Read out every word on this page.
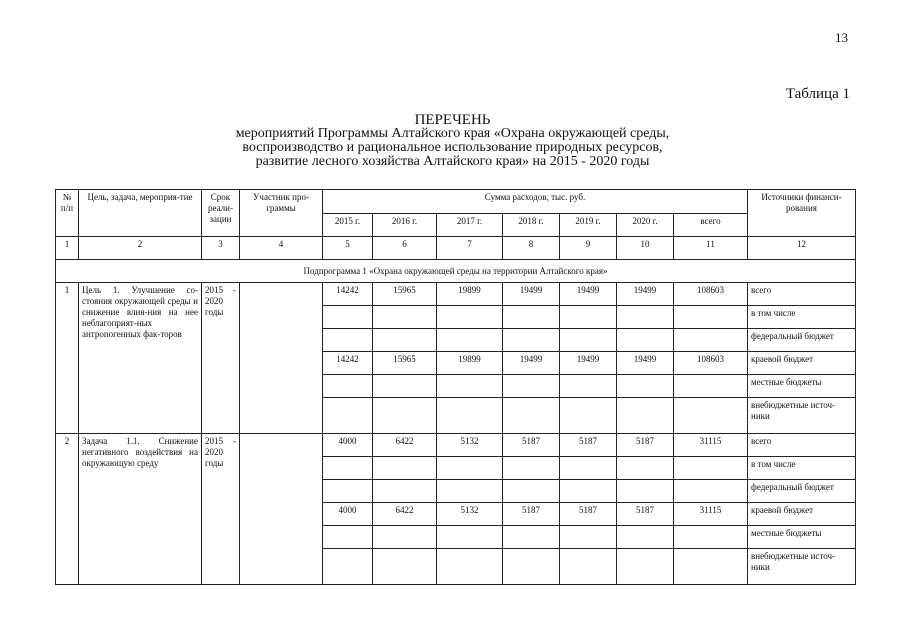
13
Таблица 1
ПЕРЕЧЕНЬ
мероприятий Программы Алтайского края «Охрана окружающей среды,
воспроизводство и рациональное использование природных ресурсов,
развитие лесного хозяйства Алтайского края» на 2015 - 2020 годы
№ п/п	Цель, задача, мероприя-тие	Срок реали-зации	Участник про-граммы	Сумма расходов, тыс. руб.							Источники финанси-рования
				2015 г.	2016 г.	2017 г.	2018 г.	2019 г.	2020 г.	всего	
1	2	3	4	5	6	7	8	9	10	11	12
Подпрограмма 1 «Охрана окружающей среды на территории Алтайского края»											
1	Цель 1. Улучшение со-стояния окружающей среды и снижение влия-ния на нее неблагоприят-ных антропогенных фак-торов	2015 - 2020 годы		14242	15965	19899	19499	19499	19499	108603	всего
											в том числе
											федеральный бюджет
				14242	15965	19899	19499	19499	19499	108603	краевой бюджет
											местные бюджеты
											внебюджетные источ-ники
2	Задача 1.1. Снижение негативного воздействия на окружающую среду	2015 - 2020 годы		4000	6422	5132	5187	5187	5187	31115	всего
											в том числе
											федеральный бюджет
				4000	6422	5132	5187	5187	5187	31115	краевой бюджет
											местные бюджеты
											внебюджетные источ-ники
